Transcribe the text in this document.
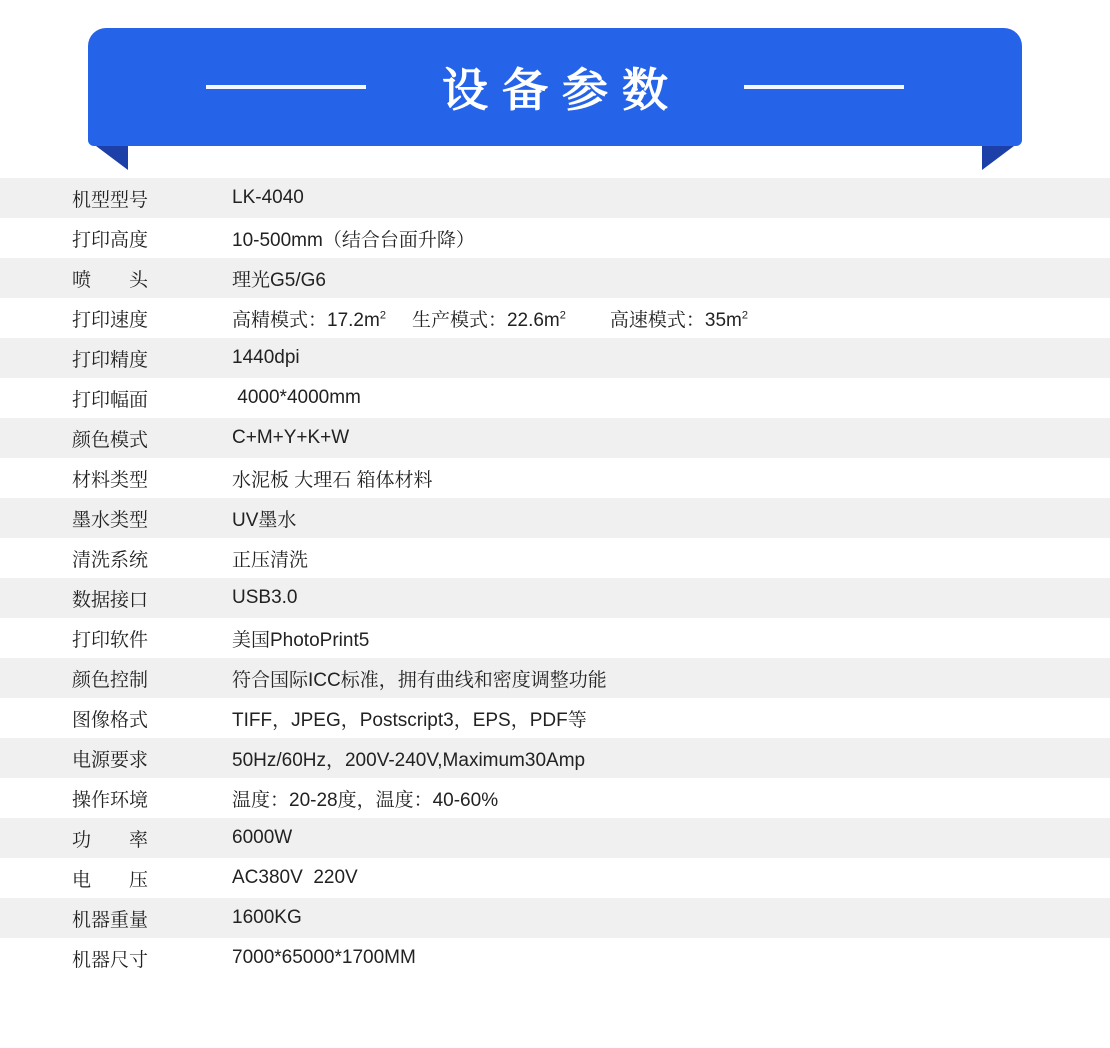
设备参数
机型型号	LK-4040
打印高度	10-500mm（结合台面升降）
喷　　头	理光G5/G6
打印速度	高精模式：$17.2m^2$ 生产模式：$22.6m^2$ 高速模式：$35m^2$
打印精度	1440dpi
打印幅面	4000*4000mm
颜色模式	C+M+Y+K+W
材料类型	水泥板 大理石 箱体材料
墨水类型	UV墨水
清洗系统	正压清洗
数据接口	USB3.0
打印软件	美国PhotoPrint5
颜色控制	符合国际ICC标准，拥有曲线和密度调整功能
图像格式	TIFF，JPEG，Postscript3，EPS，PDF等
电源要求	50Hz/60Hz，200V-240V,Maximum30Amp
操作环境	温度：20-28度，温度：40-60%
功　　率	6000W
电　　压	AC380V  220V
机器重量	1600KG
机器尺寸	7000*65000*1700MM
